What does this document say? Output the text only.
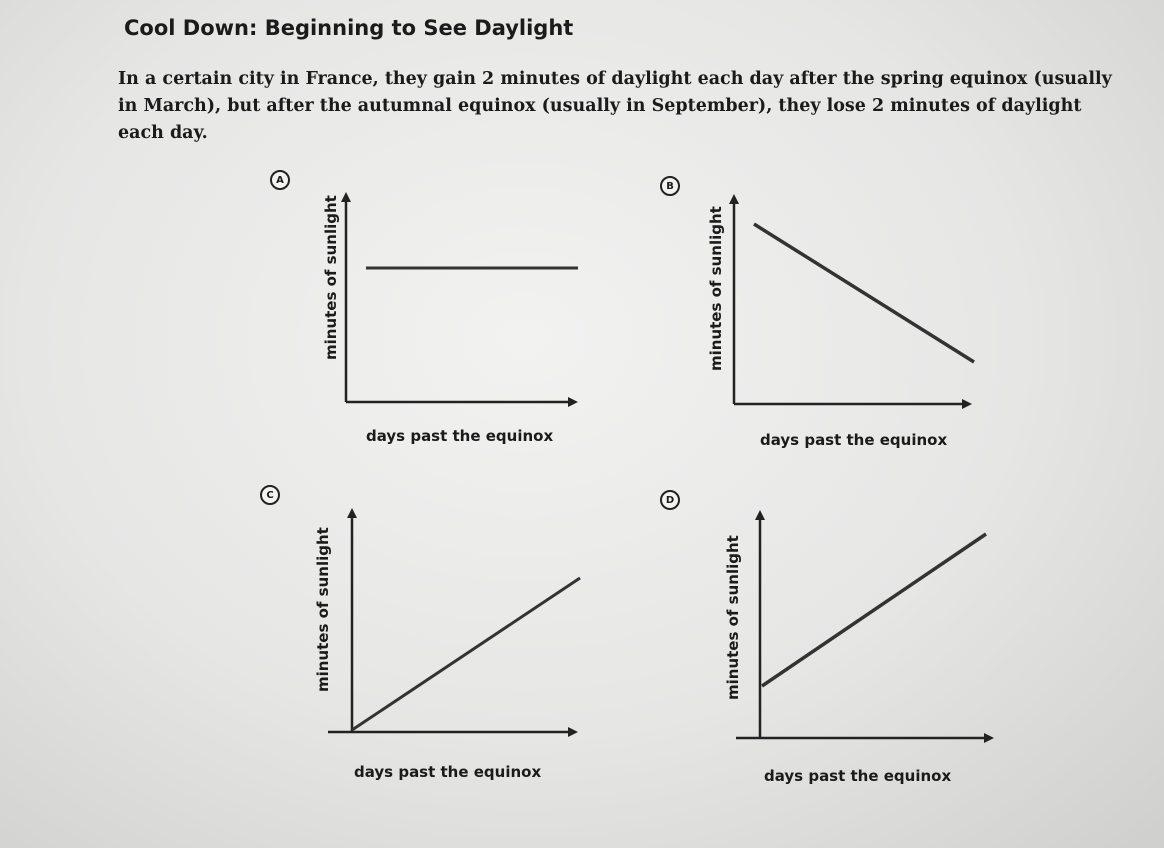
Cool Down: Beginning to See Daylight
In a certain city in France, they gain 2 minutes of daylight each day after the spring equinox (usually in March), but after the autumnal equinox (usually in September), they lose 2 minutes of daylight each day.
A
minutes of sunlight
days past the equinox
B
minutes of sunlight
days past the equinox
C
minutes of sunlight
days past the equinox
D
minutes of sunlight
days past the equinox
